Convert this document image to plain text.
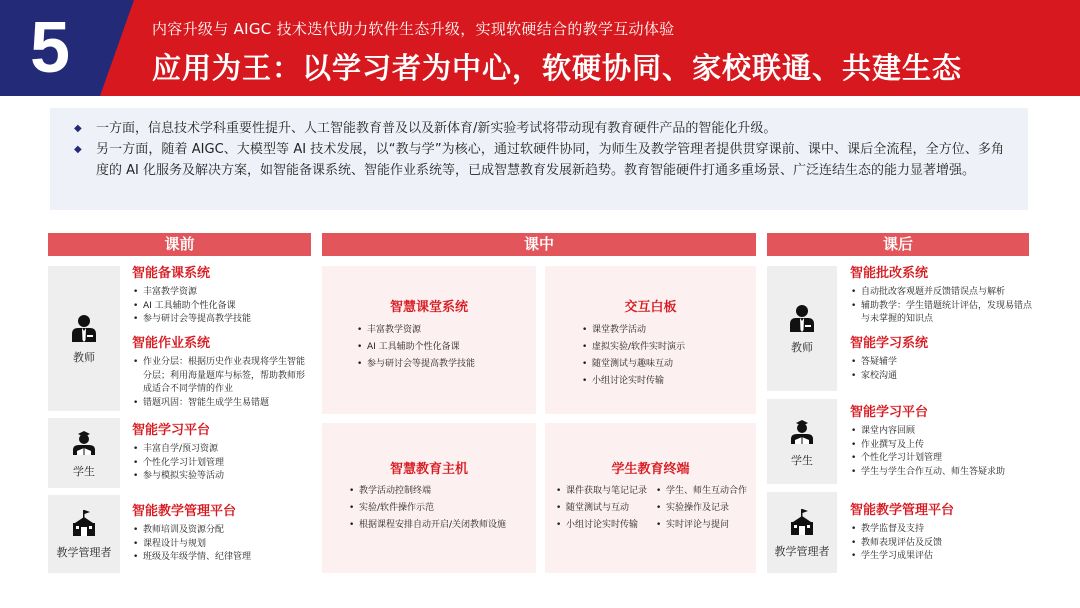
5	内容升级与 AIGC 技术迭代助力软件生态升级，实现软硬结合的教学互动体验
应用为王：以学习者为中心，软硬协同、家校联通、共建生态

◆ 一方面，信息技术学科重要性提升、人工智能教育普及以及新体育/新实验考试将带动现有教育硬件产品的智能化升级。

◆ 另一方面，随着 AIGC、大模型等 AI 技术发展，以“教与学”为核心，通过软硬件协同，为师生及教学管理者提供贯穿课前、课中、课后全流程，全方位、多角度的 AI 化服务及解决方案，如智能备课系统、智能作业系统等，已成智慧教育发展新趋势。教育智能硬件打通多重场景、广泛连结生态的能力显著增强。

课前	课中	课后
教师
智能备课系统
• 丰富教学资源
• AI 工具辅助个性化备课
• 参与研讨会等提高教学技能
智能作业系统
• 作业分层：根据历史作业表现将学生智能分层；利用海量题库与标签，帮助教师形成适合不同学情的作业
• 错题巩固：智能生成学生易错题
学生
智能学习平台
• 丰富自学/预习资源
• 个性化学习计划管理
• 参与模拟实验等活动
教学管理者
智能教学管理平台
• 教师培训及资源分配
• 课程设计与规划
• 班级及年级学情、纪律管理
智慧课堂系统
• 丰富教学资源
• AI 工具辅助个性化备课
• 参与研讨会等提高教学技能
交互白板
• 课堂教学活动
• 虚拟实验/软件实时演示
• 随堂测试与趣味互动
• 小组讨论实时传输
智慧教育主机
• 教学活动控制终端
• 实验/软件操作示范
• 根据课程安排自动开启/关闭教师设施
学生教育终端
• 课件获取与笔记记录
• 随堂测试与互动
• 小组讨论实时传输
• 学生、师生互动合作
• 实验操作及记录
• 实时评论与提问
教师
智能批改系统
• 自动批改客观题并反馈错误点与解析
• 辅助教学：学生错题统计评估，发现易错点与未掌握的知识点
智能学习系统
• 答疑辅学
• 家校沟通
学生
智能学习平台
• 课堂内容回顾
• 作业撰写及上传
• 个性化学习计划管理
• 学生与学生合作互动、师生答疑求助
教学管理者
智能教学管理平台
• 教学监督及支持
• 教师表现评估及反馈
• 学生学习成果评估
